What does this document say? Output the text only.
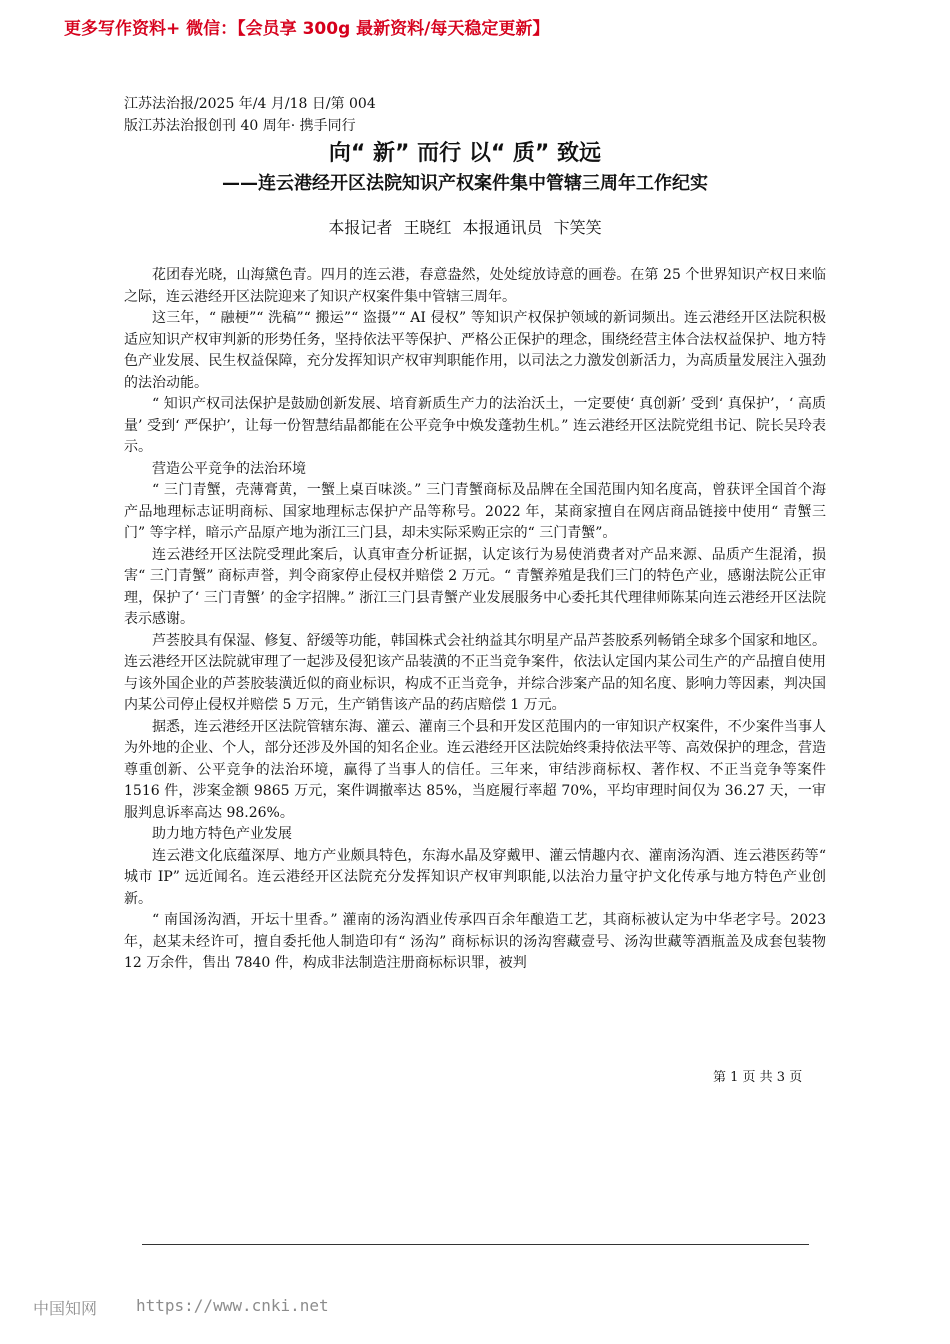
更多写作资料+ 微信：【会员享 300g 最新资料/每天稳定更新】
江苏法治报/2025 年/4 月/18 日/第 004
版江苏法治报创刊 40 周年· 携手同行
向“ 新” 而行 以“ 质” 致远
——连云港经开区法院知识产权案件集中管辖三周年工作纪实
本报记者 王晓红 本报通讯员 卞笑笑

花团春光晓，山海黛色青。四月的连云港，春意盎然，处处绽放诗意的画卷。在第 25 个世界知识产权日来临之际，连云港经开区法院迎来了知识产权案件集中管辖三周年。

这三年，“ 融梗”“ 洗稿”“ 搬运”“ 盗摄”“ AI 侵权” 等知识产权保护领域的新词频出。连云港经开区法院积极适应知识产权审判新的形势任务，坚持依法平等保护、严格公正保护的理念，围绕经营主体合法权益保护、地方特色产业发展、民生权益保障，充分发挥知识产权审判职能作用，以司法之力激发创新活力，为高质量发展注入强劲的法治动能。

“ 知识产权司法保护是鼓励创新发展、培育新质生产力的法治沃土，一定要使‘ 真创新’ 受到‘ 真保护’，‘ 高质量’ 受到‘ 严保护’，让每一份智慧结晶都能在公平竞争中焕发蓬勃生机。” 连云港经开区法院党组书记、院长吴玲表示。

营造公平竞争的法治环境

“ 三门青蟹，壳薄膏黄，一蟹上桌百味淡。” 三门青蟹商标及品牌在全国范围内知名度高，曾获评全国首个海产品地理标志证明商标、国家地理标志保护产品等称号。2022 年，某商家擅自在网店商品链接中使用“ 青蟹三门” 等字样，暗示产品原产地为浙江三门县，却未实际采购正宗的“ 三门青蟹”。

连云港经开区法院受理此案后，认真审查分析证据，认定该行为易使消费者对产品来源、品质产生混淆，损害“ 三门青蟹” 商标声誉，判令商家停止侵权并赔偿 2 万元。“ 青蟹养殖是我们三门的特色产业，感谢法院公正审理，保护了‘ 三门青蟹’ 的金字招牌。” 浙江三门县青蟹产业发展服务中心委托其代理律师陈某向连云港经开区法院表示感谢。

芦荟胶具有保湿、修复、舒缓等功能，韩国株式会社纳益其尔明星产品芦荟胶系列畅销全球多个国家和地区。连云港经开区法院就审理了一起涉及侵犯该产品装潢的不正当竞争案件，依法认定国内某公司生产的产品擅自使用与该外国企业的芦荟胶装潢近似的商业标识，构成不正当竞争，并综合涉案产品的知名度、影响力等因素，判决国内某公司停止侵权并赔偿 5 万元，生产销售该产品的药店赔偿 1 万元。

据悉，连云港经开区法院管辖东海、灌云、灌南三个县和开发区范围内的一审知识产权案件，不少案件当事人为外地的企业、个人，部分还涉及外国的知名企业。连云港经开区法院始终秉持依法平等、高效保护的理念，营造尊重创新、公平竞争的法治环境，赢得了当事人的信任。三年来，审结涉商标权、著作权、不正当竞争等案件 1516 件，涉案金额 9865 万元，案件调撤率达 85%，当庭履行率超 70%，平均审理时间仅为 36.27 天，一审服判息诉率高达 98.26%。

助力地方特色产业发展

连云港文化底蕴深厚、地方产业颇具特色，东海水晶及穿戴甲、灌云情趣内衣、灌南汤沟酒、连云港医药等“ 城市 IP” 远近闻名。连云港经开区法院充分发挥知识产权审判职能,以法治力量守护文化传承与地方特色产业创新。

“ 南国汤沟酒，开坛十里香。” 灌南的汤沟酒业传承四百余年酿造工艺，其商标被认定为中华老字号。2023 年，赵某未经许可，擅自委托他人制造印有“ 汤沟” 商标标识的汤沟窖藏壹号、汤沟世藏等酒瓶盖及成套包装物 12 万余件，售出 7840 件，构成非法制造注册商标标识罪，被判

第 1 页 共 3 页
中国知网 https://www.cnki.net
